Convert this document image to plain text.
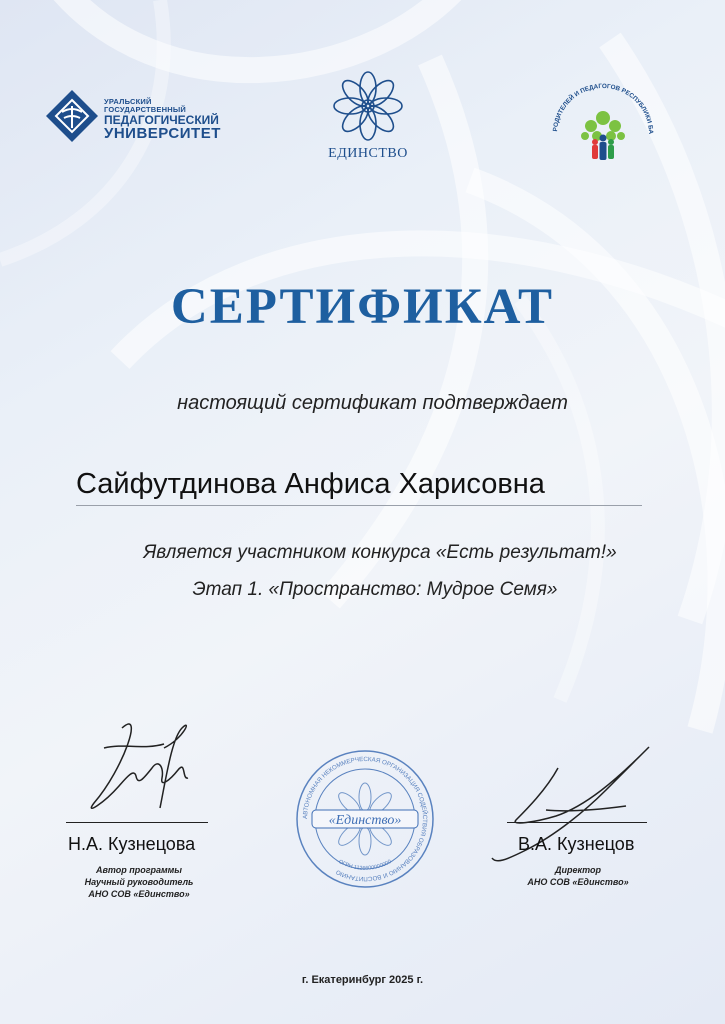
УРАЛЬСКИЙ ГОСУДАРСТВЕННЫЙ
ПЕДАГОГИЧЕСКИЙ
УНИВЕРСИТЕТ
ЕДИНСТВО
РОДИТЕЛЕЙ И ПЕДАГОГОВ РЕСПУБЛИКИ БА
СЕРТИФИКАТ
настоящий сертификат подтверждает
Сайфутдинова Анфиса Харисовна
Является участником конкурса «Есть результат!»
Этап 1. «Пространство: Мудрое Семя»
Н.А. Кузнецова
Автор программы
Научный руководитель
АНО СОВ «Единство»
АВТОНОМНАЯ НЕКОММЕРЧЕСКАЯ ОРГАНИЗАЦИЯ СОДЕЙСТВИЯ ОБРАЗОВАНИЮ И ВОСПИТАНИЮ
«Единство»
ОГРН 1126600000000
В.А. Кузнецов
Директор
АНО СОВ «Единство»
г. Екатеринбург 2025 г.
